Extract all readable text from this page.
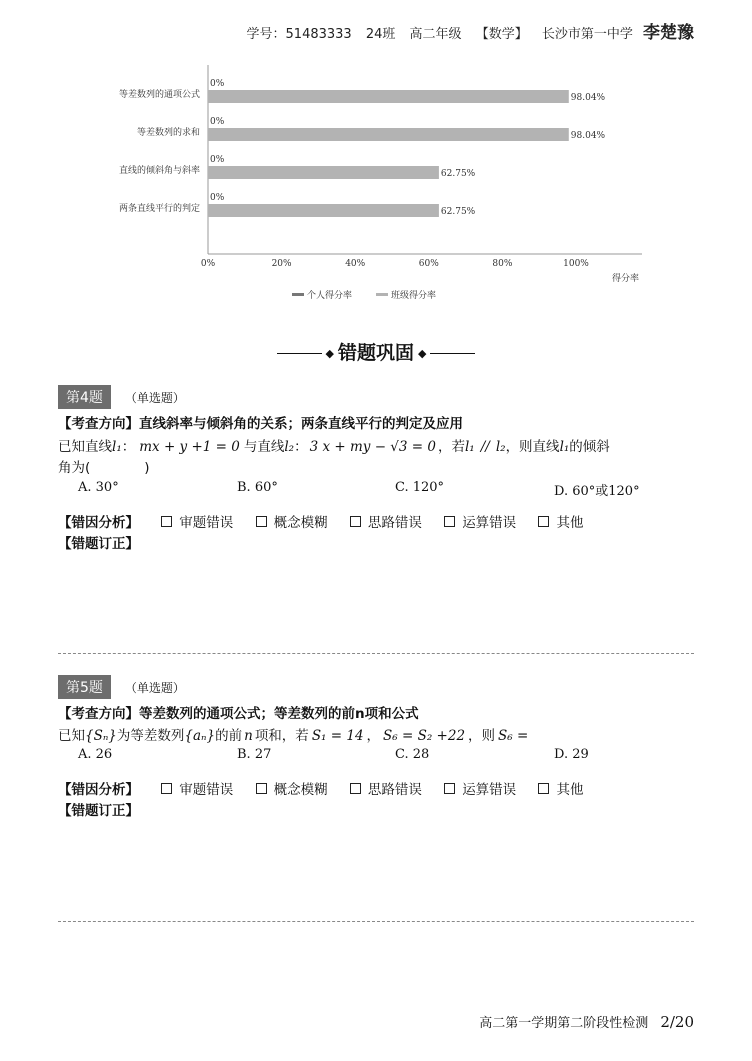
学号：51483333 24班 高二年级 【数学】 长沙市第一中学 李楚豫
等差数列的通项公式
0%
98.04%
等差数列的求和
0%
98.04%
直线的倾斜角与斜率
0%
62.75%
两条直线平行的判定
0%
62.75%
0%	20%	40%	60%	80%	100%
得分率
个人得分率	班级得分率
◆ 错题巩固 ◆
第4题 （单选题）
【考查方向】直线斜率与倾斜角的关系；两条直线平行的判定及应用
已知直线l₁： mx + y +1 = 0 与直线l₂： 3 x + my − √3 = 0 ，若l₁ // l₂，则直线l₁的倾斜
角为(	)
A. 30°	B. 60°	C. 120°	D. 60°或120°
【错因分析】	审题错误	概念模糊	思路错误	运算错误	其他
【错题订正】
第5题 （单选题）
【考查方向】等差数列的通项公式；等差数列的前n项和公式
已知{Sₙ}为等差数列{aₙ}的前 n 项和，若 S₁ = 14 ， S₆ = S₂ +22 ，则 S₆ =
A. 26	B. 27	C. 28	D. 29
【错因分析】	审题错误	概念模糊	思路错误	运算错误	其他
【错题订正】
高二第一学期第二阶段性检测 2/20
